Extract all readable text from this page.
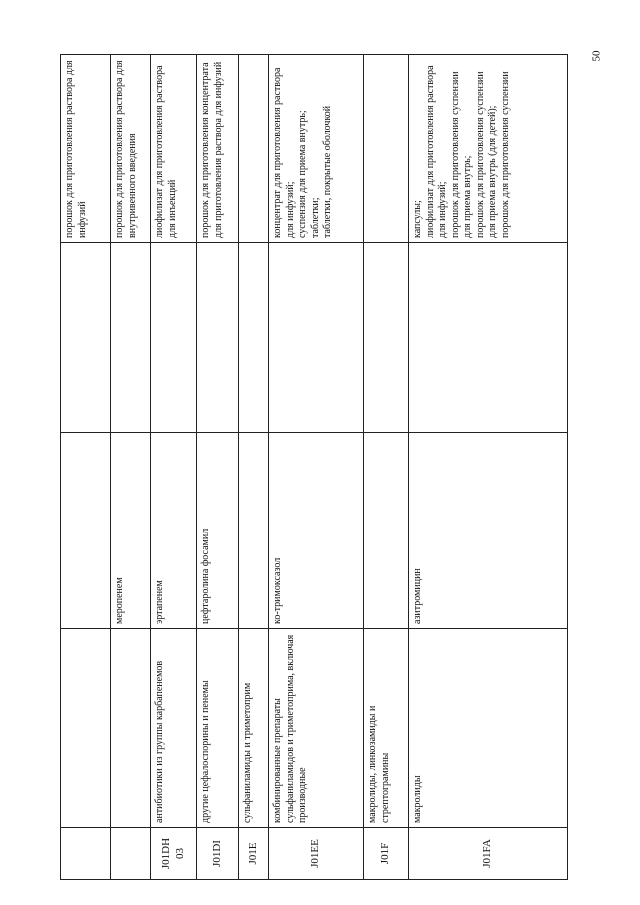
50

				порошок для приготовления раствора для инфузий

		меропенем		порошок для приготовления раствора для внутривенного введения

J01DH 03	антибиотики из группы карбапенемов	эртапенем		лиофилизат для приготовления раствора для инъекций

J01DI	другие цефалоспорины и пенемы	цефтаролина фосамил		порошок для приготовления концентрата для приготовления раствора для инфузий

J01E	сульфаниламиды и триметоприм			
J01EE	комбинированные препараты сульфаниламидов и триметоприма, включая производные	ко-тримоксазол		концентрат для приготовления раствора для инфузий; суспензия для приема внутрь; таблетки; таблетки, покрытые оболочкой

J01F	макролиды, линкозамиды и стрептограмины			
J01FA	макролиды	азитромицин		капсулы; лиофилизат для приготовления раствора для инфузий; порошок для приготовления суспензии для приема внутрь; порошок для приготовления суспензии для приема внутрь (для детей); порошок для приготовления суспензии
